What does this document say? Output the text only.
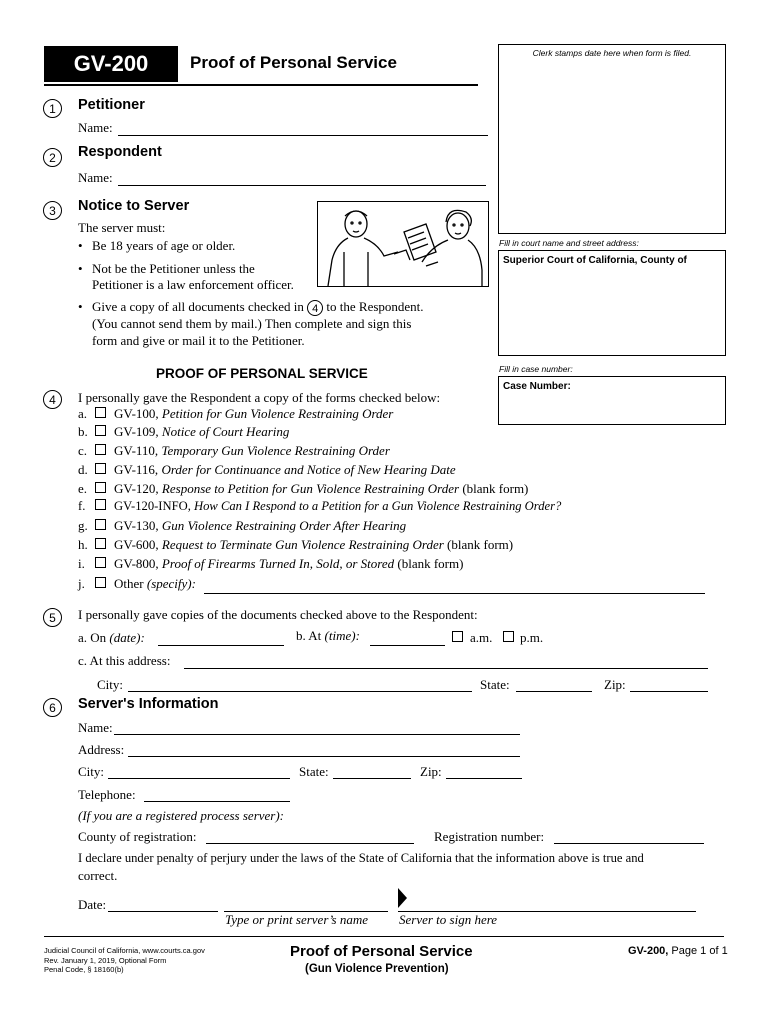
GV-200	Proof of Personal Service	Clerk stamps date here when form is filed.
Fill in court name and street address:
Superior Court of California, County of
Fill in case number:
Case Number:
1	Petitioner
Name:
2	Respondent
Name:
3	Notice to Server
The server must:
• Be 18 years of age or older.
• Not be the Petitioner unless the
Petitioner is a law enforcement officer.
• Give a copy of all documents checked in 4 to the Respondent.
(You cannot send them by mail.) Then complete and sign this
form and give or mail it to the Petitioner.
PROOF OF PERSONAL SERVICE
4	I personally gave the Respondent a copy of the forms checked below:
a. GV-100, Petition for Gun Violence Restraining Order
b. GV-109, Notice of Court Hearing
c. GV-110, Temporary Gun Violence Restraining Order
d. GV-116, Order for Continuance and Notice of New Hearing Date
e. GV-120, Response to Petition for Gun Violence Restraining Order (blank form)
f. GV-120-INFO, How Can I Respond to a Petition for a Gun Violence Restraining Order?
g. GV-130, Gun Violence Restraining Order After Hearing
h. GV-600, Request to Terminate Gun Violence Restraining Order (blank form)
i. GV-800, Proof of Firearms Turned In, Sold, or Stored (blank form)
j. Other (specify):
5	I personally gave copies of the documents checked above to the Respondent:
a. On (date):	b. At (time):	a.m. p.m.
c. At this address:
City:	State:	Zip:
6	Server's Information
Name:
Address:
City:	State:	Zip:
Telephone:
(If you are a registered process server):
County of registration:	Registration number:
I declare under penalty of perjury under the laws of the State of California that the information above is true and
correct.
Date:
Type or print server’s name Server to sign here
Judicial Council of California, www.courts.ca.gov
Rev. January 1, 2019, Optional Form
Penal Code, § 18160(b)
Proof of Personal Service
(Gun Violence Prevention)
GV-200, Page 1 of 1
